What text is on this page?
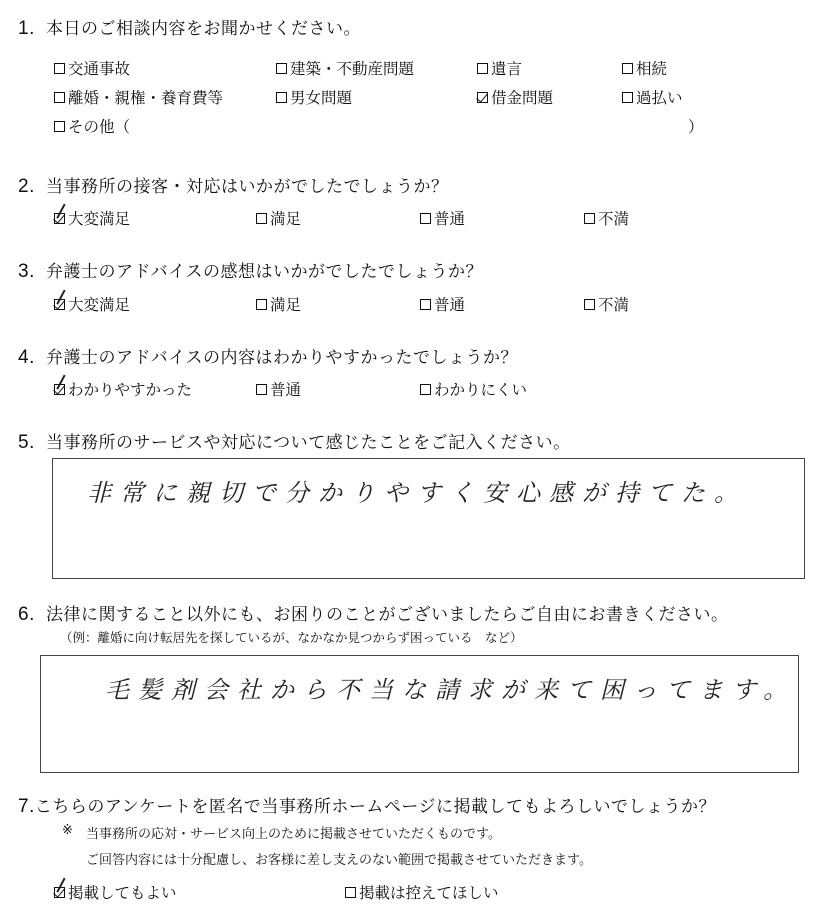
1. 本日のご相談内容をお聞かせください。
交通事故	建築・不動産問題	遺言	相続
離婚・親権・養育費等	男女問題	借金問題	過払い
その他（	）
2. 当事務所の接客・対応はいかがでしたでしょうか？
大変満足	満足	普通	不満
3. 弁護士のアドバイスの感想はいかがでしたでしょうか？
大変満足	満足	普通	不満
4. 弁護士のアドバイスの内容はわかりやすかったでしょうか？
わかりやすかった	普通	わかりにくい
5. 当事務所のサービスや対応について感じたことをご記入ください。
非常に親切で分かりやすく安心感が持てた。
6. 法律に関すること以外にも、お困りのことがございましたらご自由にお書きください。
（例：離婚に向け転居先を探しているが、なかなか見つからず困っている　など）
毛髪剤会社から不当な請求が来て困ってます。
7.こちらのアンケートを匿名で当事務所ホームページに掲載してもよろしいでしょうか？
※ 当事務所の応対・サービス向上のために掲載させていただくものです。
ご回答内容には十分配慮し、お客様に差し支えのない範囲で掲載させていただきます。
掲載してもよい	掲載は控えてほしい
